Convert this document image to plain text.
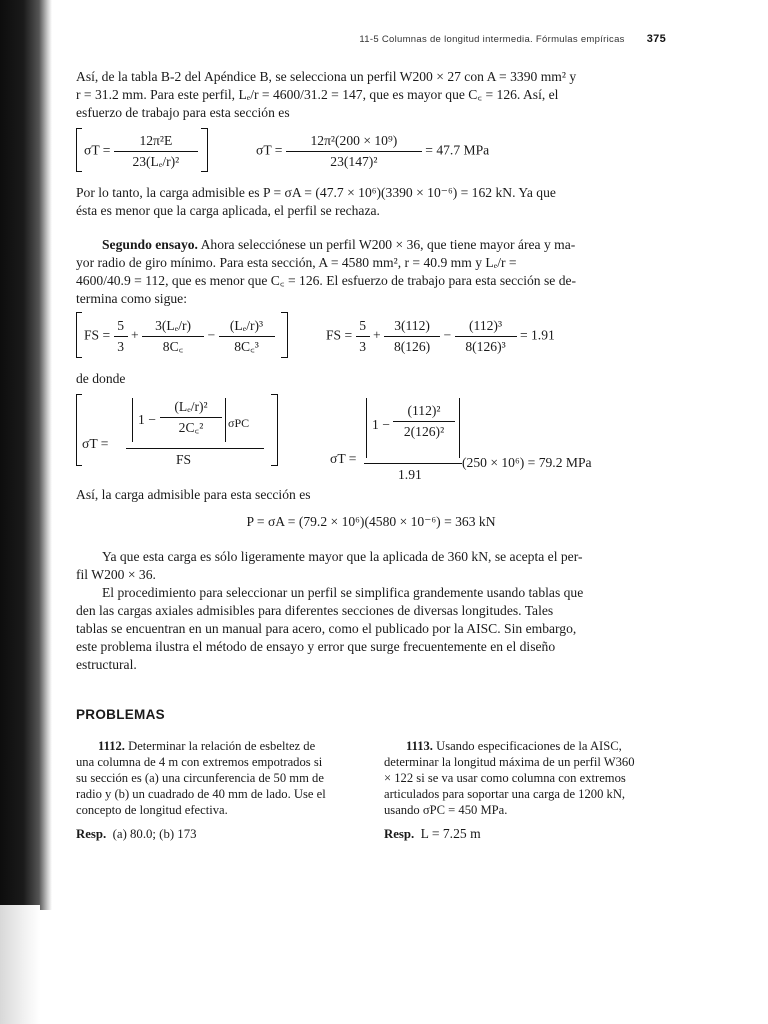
11-5 Columnas de longitud intermedia. Fórmulas empíricas 375
Así, de la tabla B-2 del Apéndice B, se selecciona un perfil W200 × 27 con A = 3390 mm² y
r = 31.2 mm. Para este perfil, Lₑ/r = 4600/31.2 = 147, que es mayor que C꜀ = 126. Así, el
esfuerzo de trabajo para esta sección es
$\sigma T = \frac{\text{12π²E}}{\text{23(Lₑ/r)²}}$	$\sigma T = \frac{\text{12π²(200 × 10⁹)}}{\text{23(147)²}} = 47.7$ MPa
Por lo tanto, la carga admisible es P = σA = (47.7 × 10⁶)(3390 × 10⁻⁶) = 162 kN. Ya que
ésta es menor que la carga aplicada, el perfil se rechaza.
Segundo ensayo. Ahora selecciónese un perfil W200 × 36, que tiene mayor área y ma-
yor radio de giro mínimo. Para esta sección, A = 4580 mm², r = 40.9 mm y Lₑ/r =
4600/40.9 = 112, que es menor que C꜀ = 126. El esfuerzo de trabajo para esta sección se de-
termina como sigue:
FS = $\frac{5}{3} + \frac{\text{3(Lₑ/r)}}{8C꜀} - \frac{\text{(Lₑ/r)³}}{\text{8C꜀³}}$	FS = $\frac{5}{3} + \frac{3(112)}{8(126)} - \frac{\text{(112)³}}{\text{8(126)³}} = 1.91$
de donde
σT =
$1 - \frac{\text{(Lₑ/r)²}}{\text{2C꜀²}}$ σPC
FS	σT =
$1 - \frac{\text{(112)²}}{\text{2(126)²}}$
1.91
(250 × 10⁶) = 79.2 MPa
Así, la carga admisible para esta sección es
P = σA = (79.2 × 10⁶)(4580 × 10⁻⁶) = 363 kN
Ya que esta carga es sólo ligeramente mayor que la aplicada de 360 kN, se acepta el per-
fil W200 × 36.
El procedimiento para seleccionar un perfil se simplifica grandemente usando tablas que
den las cargas axiales admisibles para diferentes secciones de diversas longitudes. Tales
tablas se encuentran en un manual para acero, como el publicado por la AISC. Sin embargo,
este problema ilustra el método de ensayo y error que surge frecuentemente en el diseño
estructural.
PROBLEMAS
1112. Determinar la relación de esbeltez de
una columna de 4 m con extremos empotrados si
su sección es (a) una circunferencia de 50 mm de
radio y (b) un cuadrado de 40 mm de lado. Use el
concepto de longitud efectiva.
Resp. (a) 80.0; (b) 173
1113. Usando especificaciones de la AISC,
determinar la longitud máxima de un perfil W360
× 122 si se va usar como columna con extremos
articulados para soportar una carga de 1200 kN,
usando σPC = 450 MPa.
Resp. L = 7.25 m
